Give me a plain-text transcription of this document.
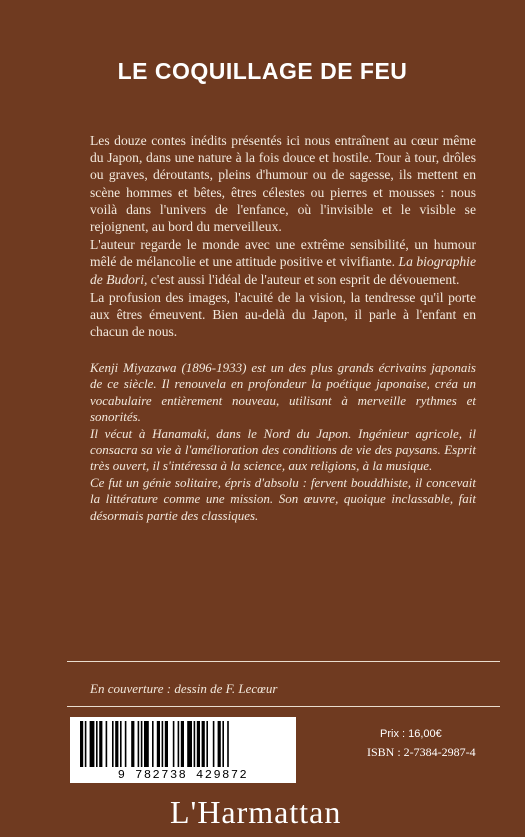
LE COQUILLAGE DE FEU

Les douze contes inédits présentés ici nous entraînent au cœur même du Japon, dans une nature à la fois douce et hostile. Tour à tour, drôles ou graves, déroutants, pleins d'humour ou de sagesse, ils mettent en scène hommes et bêtes, êtres célestes ou pierres et mousses : nous voilà dans l'univers de l'enfance, où l'invisible et le visible se rejoignent, au bord du merveilleux.

L'auteur regarde le monde avec une extrême sensibilité, un humour mêlé de mélancolie et une attitude positive et vivifiante. La biographie de Budori, c'est aussi l'idéal de l'auteur et son esprit de dévouement.

La profusion des images, l'acuité de la vision, la tendresse qu'il porte aux êtres émeuvent. Bien au-delà du Japon, il parle à l'enfant en chacun de nous.

Kenji Miyazawa (1896-1933) est un des plus grands écrivains japonais de ce siècle. Il renouvela en profondeur la poétique japonaise, créa un vocabulaire entièrement nouveau, utilisant à merveille rythmes et sonorités.

Il vécut à Hanamaki, dans le Nord du Japon. Ingénieur agricole, il consacra sa vie à l'amélioration des conditions de vie des paysans. Esprit très ouvert, il s'intéressa à la science, aux religions, à la musique.

Ce fut un génie solitaire, épris d'absolu : fervent bouddhiste, il concevait la littérature comme une mission. Son œuvre, quoique inclassable, fait désormais partie des classiques.

En couverture : dessin de F. Lecœur
9 782738 429872
Prix : 16,00€
ISBN : 2-7384-2987-4
L'Harmattan
